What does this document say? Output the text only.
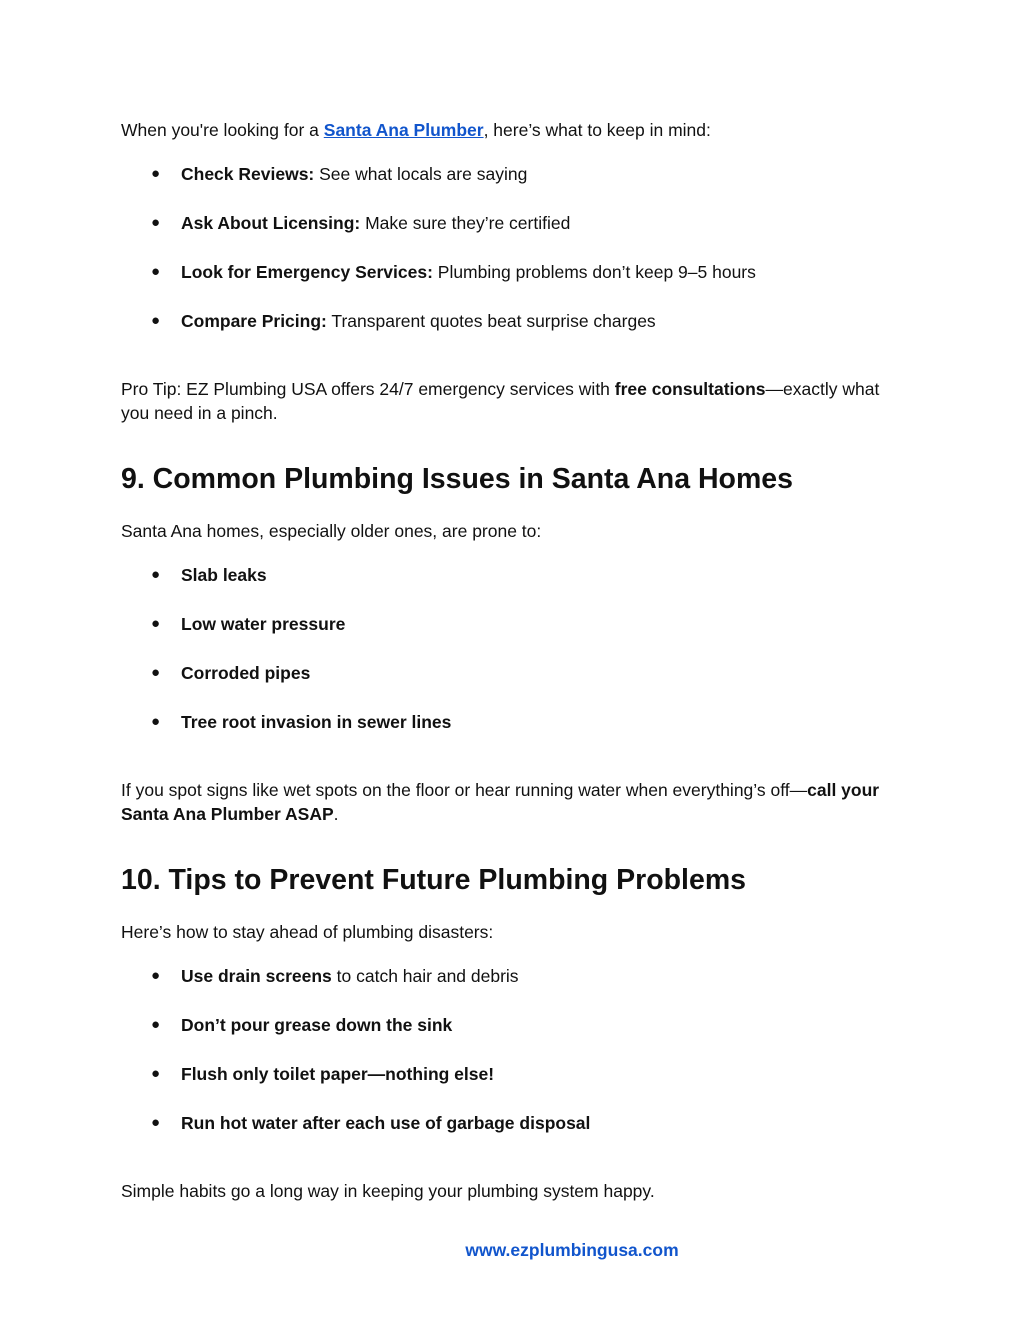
When you're looking for a Santa Ana Plumber, here’s what to keep in mind:

● Check Reviews: See what locals are saying
● Ask About Licensing: Make sure they’re certified
● Look for Emergency Services: Plumbing problems don’t keep 9–5 hours
● Compare Pricing: Transparent quotes beat surprise charges

Pro Tip: EZ Plumbing USA offers 24/7 emergency services with free consultations—exactly what you need in a pinch.

9. Common Plumbing Issues in Santa Ana Homes

Santa Ana homes, especially older ones, are prone to:

● Slab leaks
● Low water pressure
● Corroded pipes
● Tree root invasion in sewer lines

If you spot signs like wet spots on the floor or hear running water when everything’s off—call your Santa Ana Plumber ASAP.

10. Tips to Prevent Future Plumbing Problems

Here’s how to stay ahead of plumbing disasters:

● Use drain screens to catch hair and debris
● Don’t pour grease down the sink
● Flush only toilet paper—nothing else!
● Run hot water after each use of garbage disposal

Simple habits go a long way in keeping your plumbing system happy.

www.ezplumbingusa.com
